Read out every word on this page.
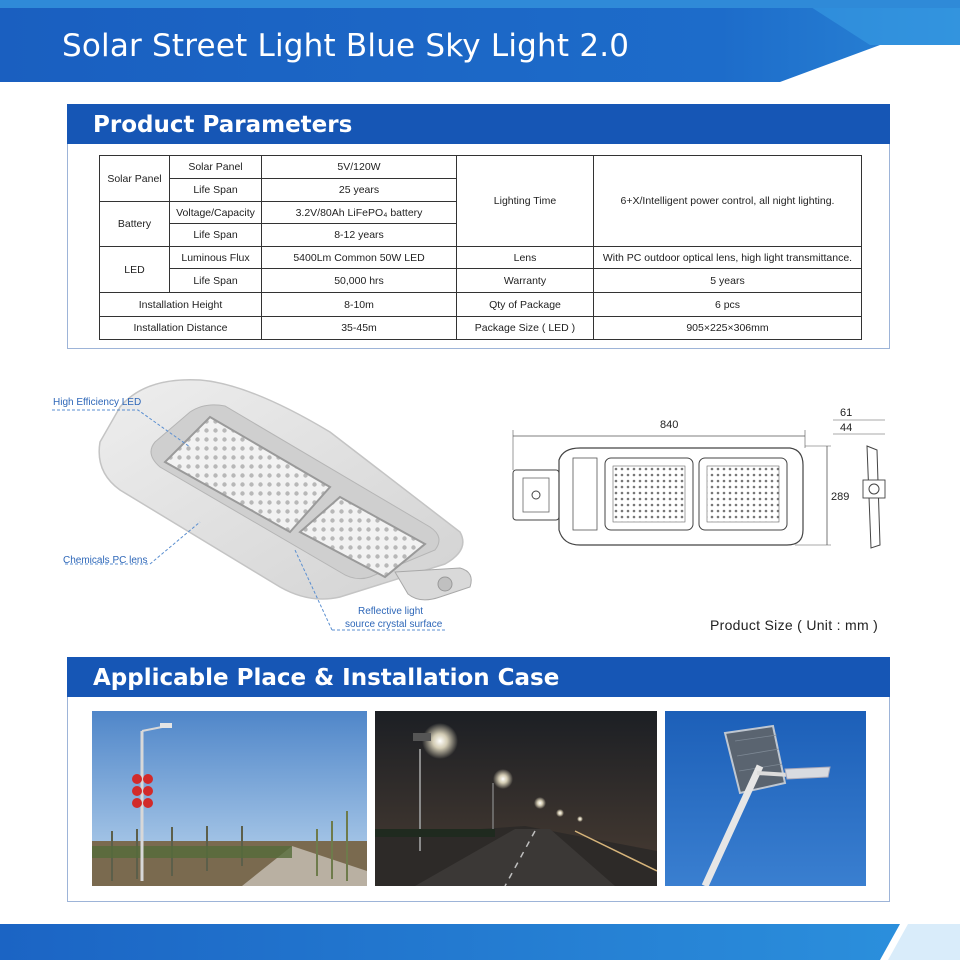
Solar Street Light Blue Sky Light 2.0
Product Parameters
Solar Panel	Solar Panel	5V/120W	Lighting Time	6+X/Intelligent power control, all night lighting.
	Life Span	25 years		
Battery	Voltage/Capacity	3.2V/80Ah LiFePO₄ battery		
	Life Span	8-12 years		
LED	Luminous Flux	5400Lm Common 50W LED	Lens	With PC outdoor optical lens, high light transmittance.
	Life Span	50,000 hrs	Warranty	5 years
Installation Height		8-10m	Qty of Package	6 pcs
Installation Distance		35-45m	Package Size ( LED )	905×225×306mm
High Efficiency LED
Chemicals PC lens
Reflective light
source crystal surface
840
289
61
44
Product Size ( Unit : mm )
Applicable Place & Installation Case
